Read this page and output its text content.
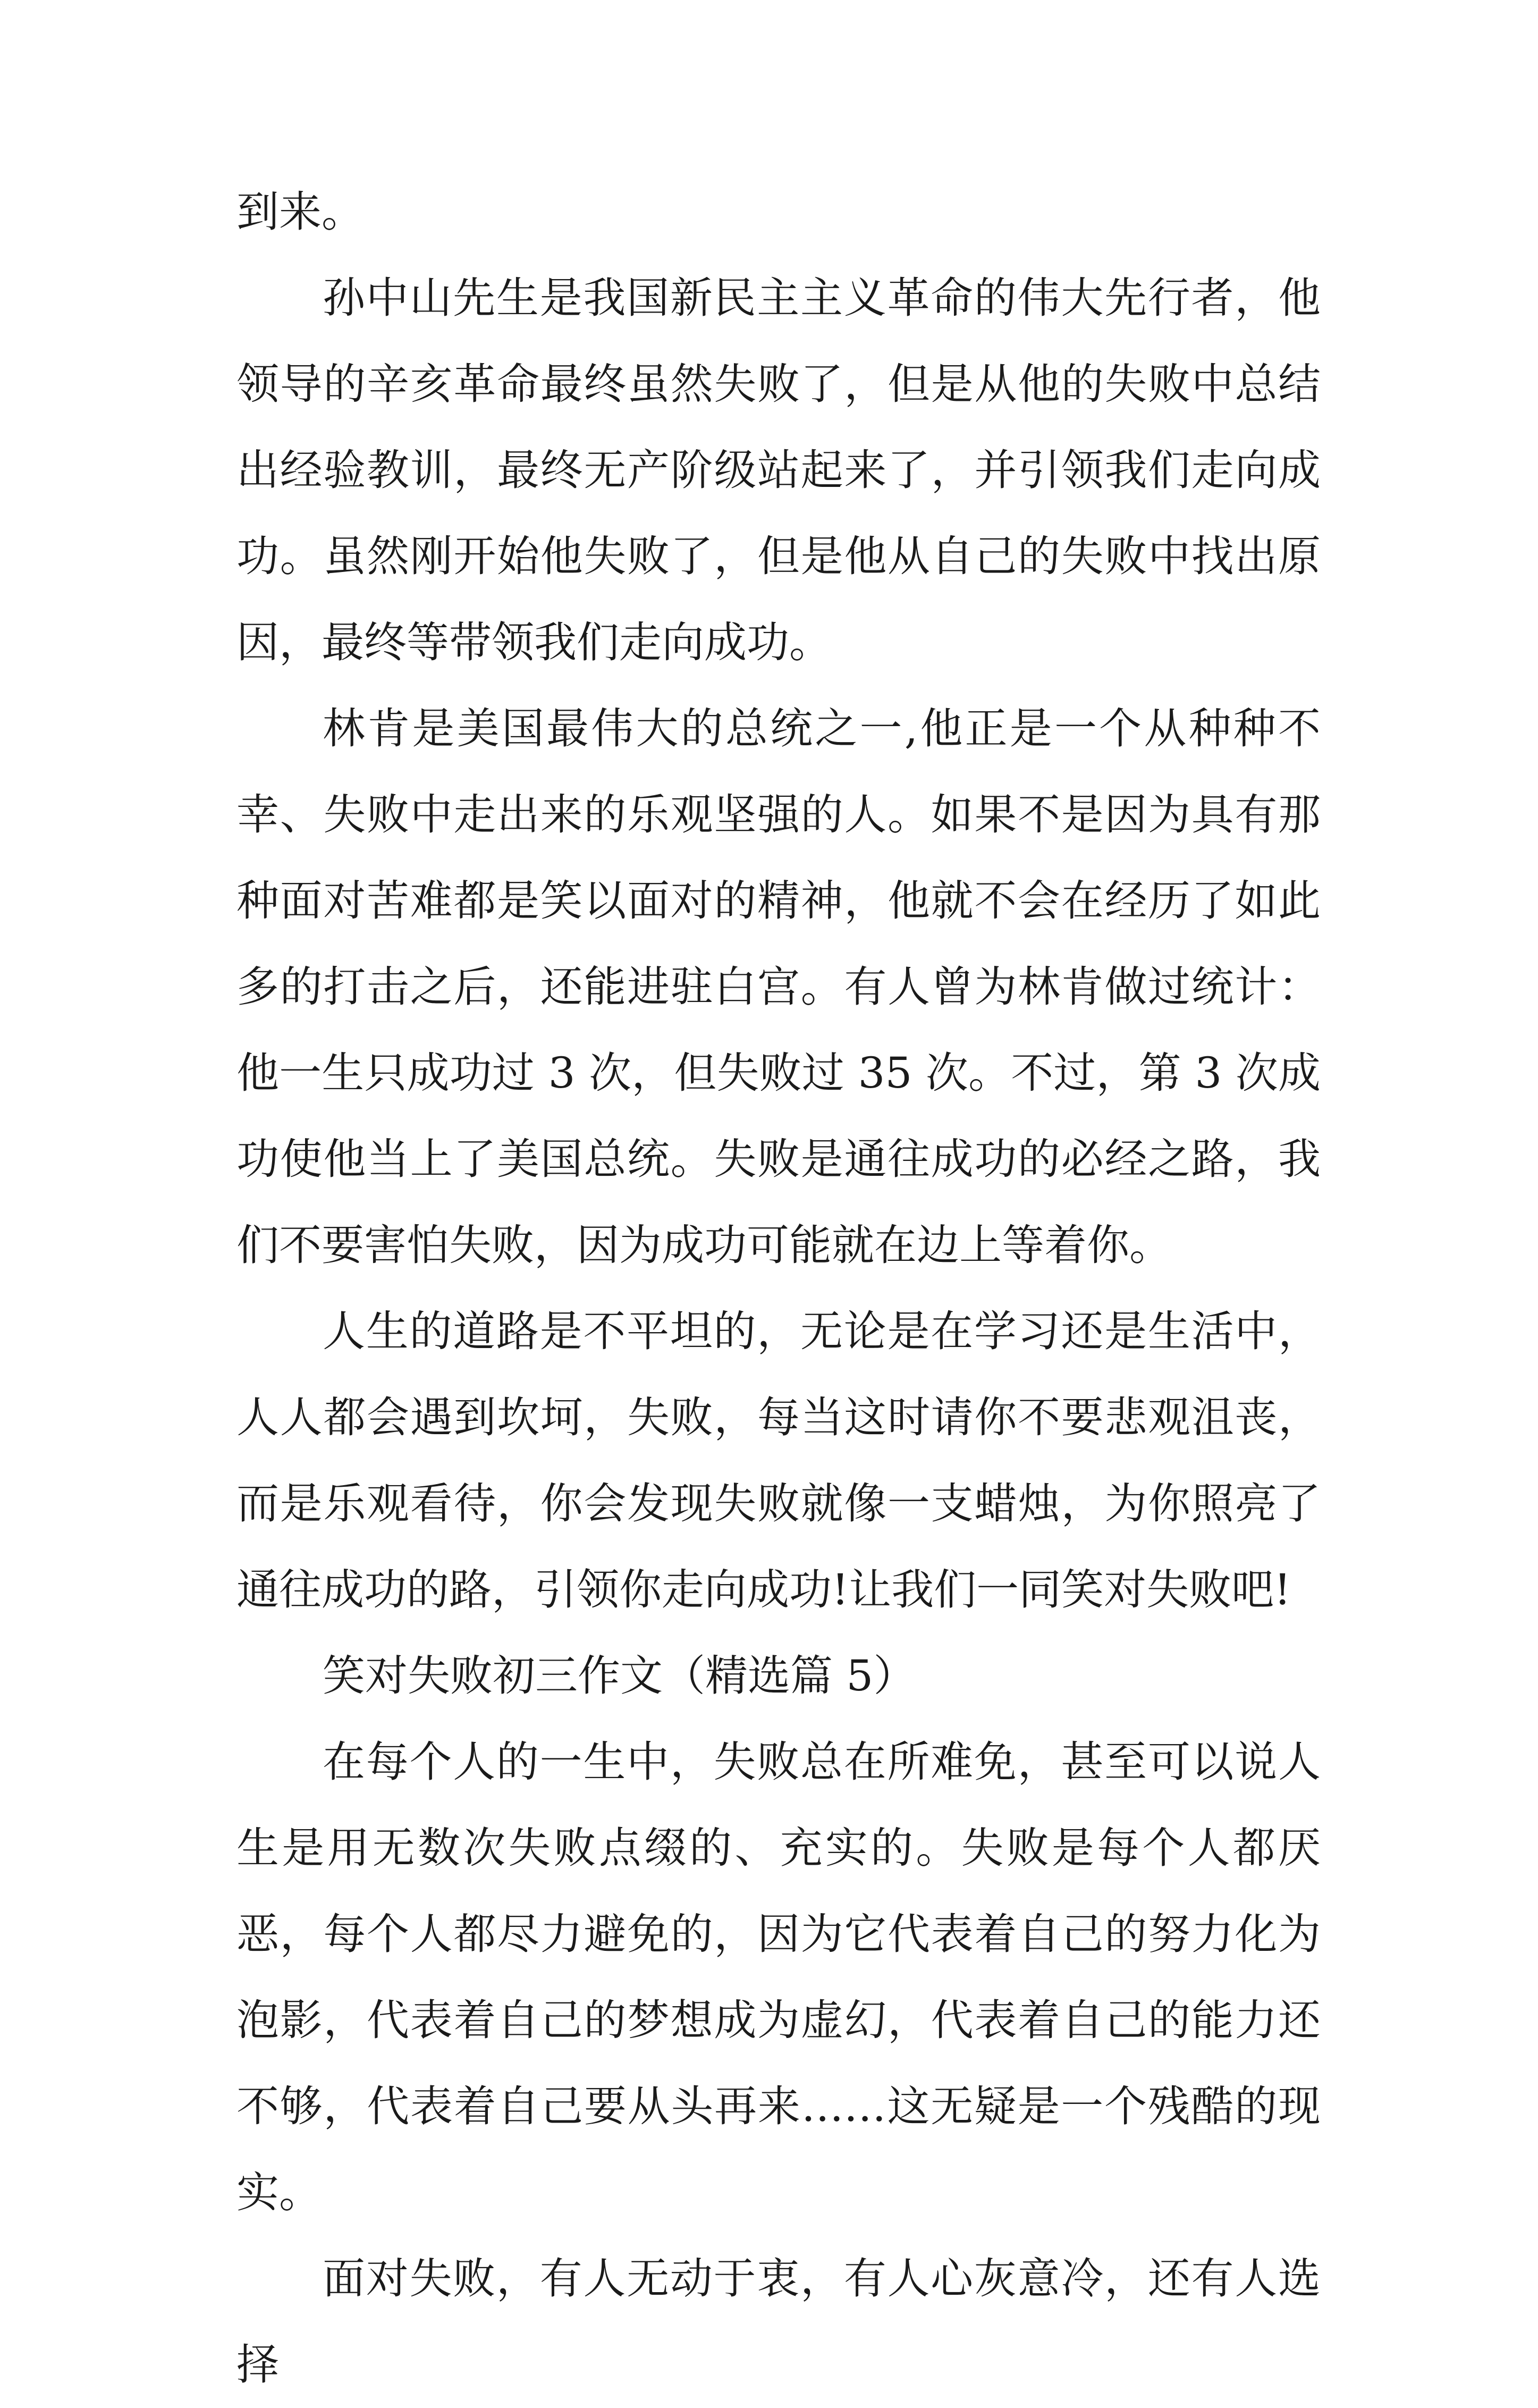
到来。

孙中山先生是我国新民主主义革命的伟大先行者，他领导的辛亥革命最终虽然失败了，但是从他的失败中总结出经验教训，最终无产阶级站起来了，并引领我们走向成功。虽然刚开始他失败了，但是他从自己的失败中找出原因，最终等带领我们走向成功。

林肯是美国最伟大的总统之一,他正是一个从种种不幸、失败中走出来的乐观坚强的人。如果不是因为具有那种面对苦难都是笑以面对的精神，他就不会在经历了如此多的打击之后，还能进驻白宫。有人曾为林肯做过统计：他一生只成功过 3 次，但失败过 35 次。不过，第 3 次成功使他当上了美国总统。失败是通往成功的必经之路，我们不要害怕失败，因为成功可能就在边上等着你。

人生的道路是不平坦的，无论是在学习还是生活中，人人都会遇到坎坷，失败，每当这时请你不要悲观沮丧，而是乐观看待，你会发现失败就像一支蜡烛，为你照亮了通往成功的路，引领你走向成功!让我们一同笑对失败吧!

笑对失败初三作文（精选篇 5）

在每个人的一生中，失败总在所难免，甚至可以说人生是用无数次失败点缀的、充实的。失败是每个人都厌恶，每个人都尽力避免的，因为它代表着自己的努力化为泡影，代表着自己的梦想成为虚幻，代表着自己的能力还不够，代表着自己要从头再来……这无疑是一个残酷的现实。

面对失败，有人无动于衷，有人心灰意冷，还有人选择
